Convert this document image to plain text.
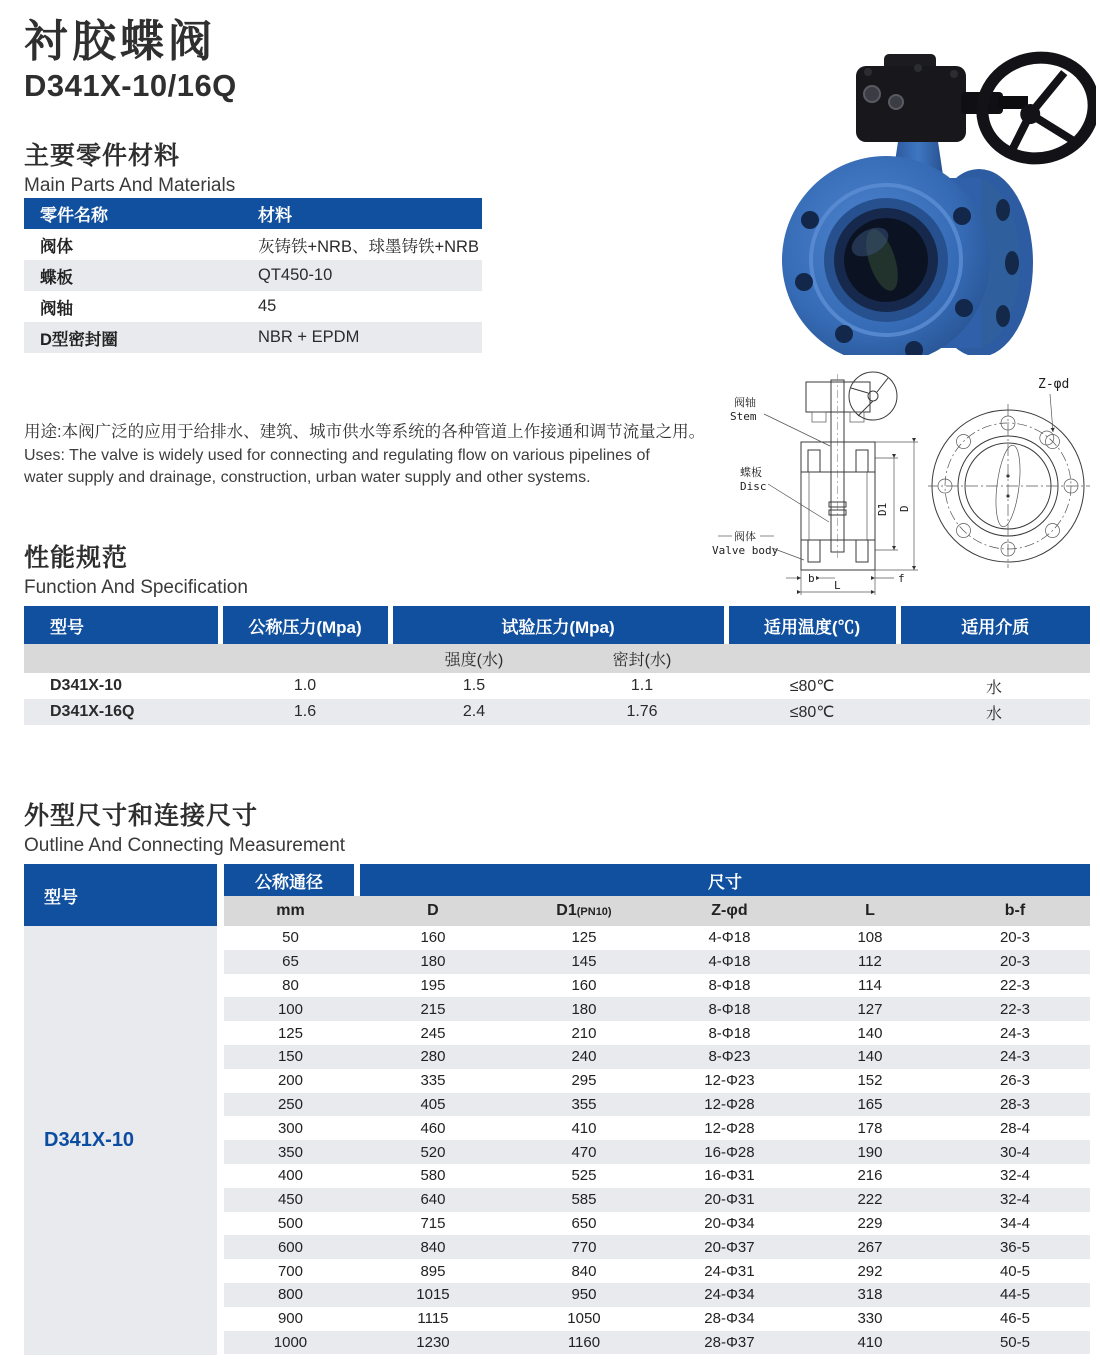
衬胶蝶阀
D341X-10/16Q
主要零件材料
Main Parts And Materials
零件名称	材料
阀体	灰铸铁+NRB、球墨铸铁+NRB
蝶板	QT450-10
阀轴	45
D型密封圈	NBR + EPDM
用途:本阀广泛的应用于给排水、建筑、城市供水等系统的各种管道上作接通和调节流量之用。
Uses: The valve is widely used for connecting and regulating flow on various pipelines of
water supply and drainage, construction, urban water supply and other systems.
阀轴
Stem
蝶板
Disc
阀体
Valve body
D1 D
b	f
L
Z-φd
性能规范
Function And Specification
型号	公称压力(Mpa)	试验压力(Mpa)		适用温度(℃)	适用介质
		强度(水)	密封(水)		
D341X-10	1.0	1.5	1.1	≤80℃	水
D341X-16Q	1.6	2.4	1.76	≤80℃	水
外型尺寸和连接尺寸
Outline And Connecting Measurement
型号
D341X-10
公称通径	尺寸				
mm	D	D1(PN10)	Z-φd	L	b-f
50	160	125	4-Φ18	108	20-3
65	180	145	4-Φ18	112	20-3
80	195	160	8-Φ18	114	22-3
100	215	180	8-Φ18	127	22-3
125	245	210	8-Φ18	140	24-3
150	280	240	8-Φ23	140	24-3
200	335	295	12-Φ23	152	26-3
250	405	355	12-Φ28	165	28-3
300	460	410	12-Φ28	178	28-4
350	520	470	16-Φ28	190	30-4
400	580	525	16-Φ31	216	32-4
450	640	585	20-Φ31	222	32-4
500	715	650	20-Φ34	229	34-4
600	840	770	20-Φ37	267	36-5
700	895	840	24-Φ31	292	40-5
800	1015	950	24-Φ34	318	44-5
900	1115	1050	28-Φ34	330	46-5
1000	1230	1160	28-Φ37	410	50-5
